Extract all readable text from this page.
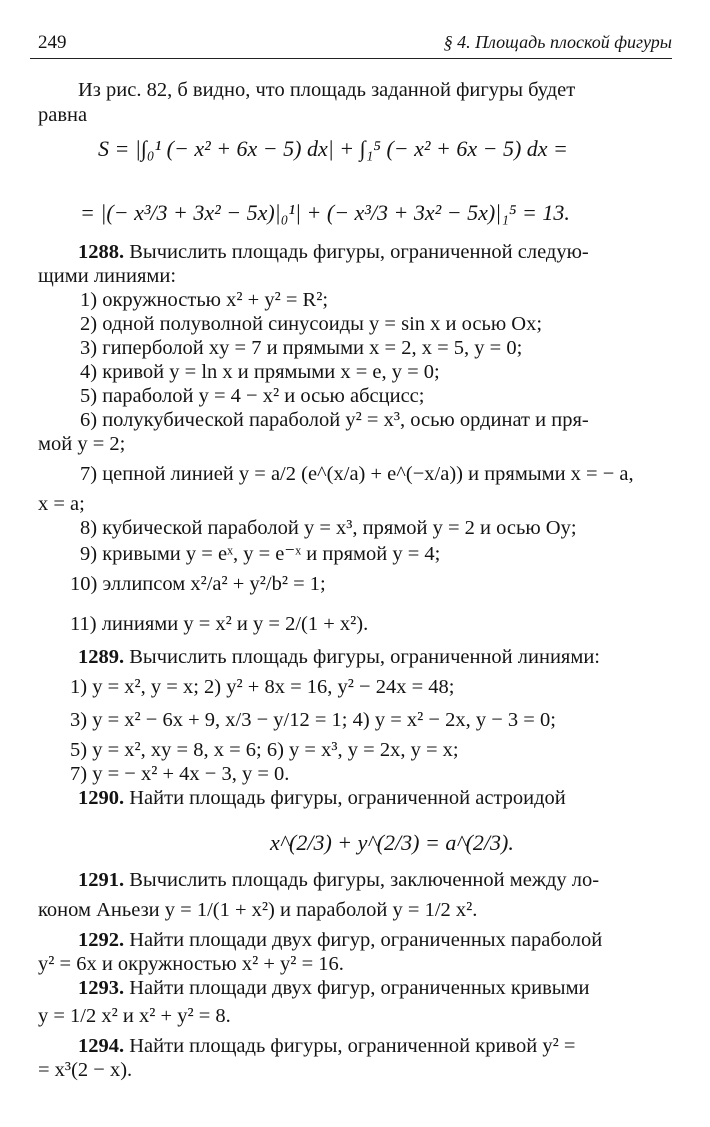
249	§ 4. Площадь плоской фигуры
Из рис. 82, б видно, что площадь заданной фигуры будет
равна
S = |∫₀¹ (− x² + 6x − 5) dx| + ∫₁⁵ (− x² + 6x − 5) dx =
= |(− x³/3 + 3x² − 5x)|₀¹| + (− x³/3 + 3x² − 5x)|₁⁵ = 13.
1288. Вычислить площадь фигуры, ограниченной следую-
щими линиями:
1) окружностью x² + y² = R²;
2) одной полуволной синусоиды y = sin x и осью Ox;
3) гиперболой xy = 7 и прямыми x = 2, x = 5, y = 0;
4) кривой y = ln x и прямыми x = e, y = 0;
5) параболой y = 4 − x² и осью абсцисс;
6) полукубической параболой y² = x³, осью ординат и пря-
мой y = 2;
7) цепной линией y = a/2 (e^(x/a) + e^(−x/a)) и прямыми x = − a,
x = a;
8) кубической параболой y = x³, прямой y = 2 и осью Oy;
9) кривыми y = eˣ, y = e⁻ˣ и прямой y = 4;
10) эллипсом x²/a² + y²/b² = 1;
11) линиями y = x² и y = 2/(1 + x²).
1289. Вычислить площадь фигуры, ограниченной линиями:
1) y = x², y = x; 2) y² + 8x = 16, y² − 24x = 48;
3) y = x² − 6x + 9, x/3 − y/12 = 1; 4) y = x² − 2x, y − 3 = 0;
5) y = x², xy = 8, x = 6; 6) y = x³, y = 2x, y = x;
7) y = − x² + 4x − 3, y = 0.
1290. Найти площадь фигуры, ограниченной астроидой
x^(2/3) + y^(2/3) = a^(2/3).
1291. Вычислить площадь фигуры, заключенной между ло-
коном Аньези y = 1/(1 + x²) и параболой y = 1/2 x².
1292. Найти площади двух фигур, ограниченных параболой
y² = 6x и окружностью x² + y² = 16.
1293. Найти площади двух фигур, ограниченных кривыми
y = 1/2 x² и x² + y² = 8.
1294. Найти площадь фигуры, ограниченной кривой y² =
= x³(2 − x).
